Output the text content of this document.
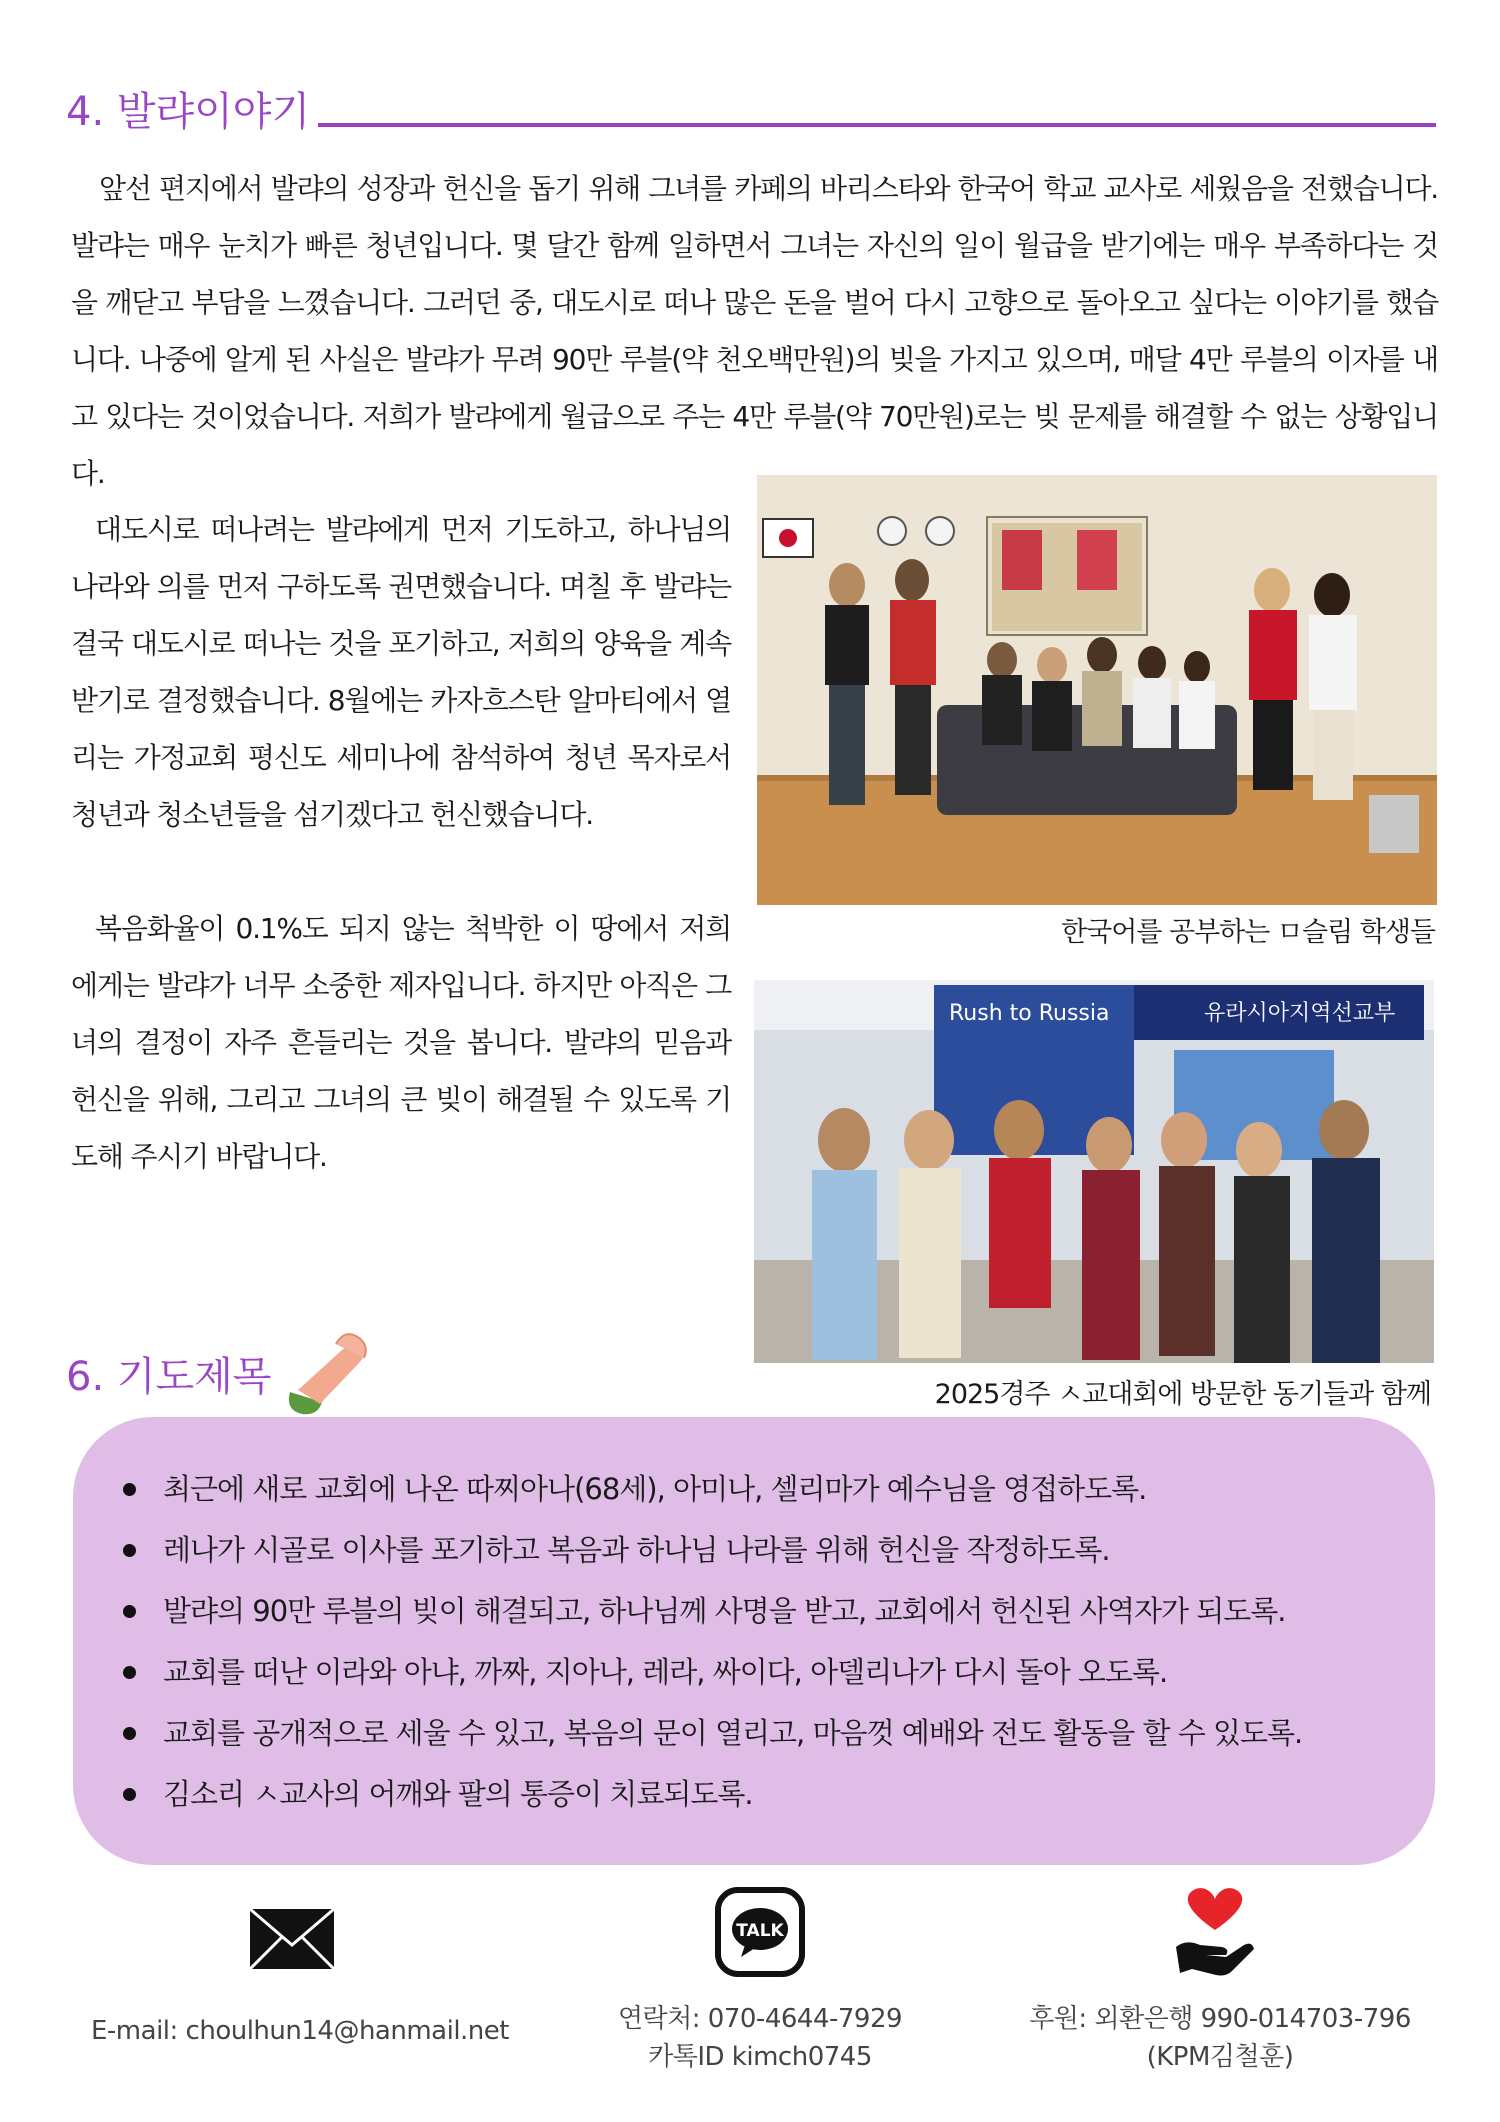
4. 발랴이야기

앞선 편지에서 발랴의 성장과 헌신을 돕기 위해 그녀를 카페의 바리스타와 한국어 학교 교사로 세웠음을 전했습니다. 발랴는 매우 눈치가 빠른 청년입니다. 몇 달간 함께 일하면서 그녀는 자신의 일이 월급을 받기에는 매우 부족하다는 것을 깨닫고 부담을 느꼈습니다. 그러던 중, 대도시로 떠나 많은 돈을 벌어 다시 고향으로 돌아오고 싶다는 이야기를 했습니다. 나중에 알게 된 사실은 발랴가 무려 90만 루블(약 천오백만원)의 빚을 가지고 있으며, 매달 4만 루블의 이자를 내고 있다는 것이었습니다. 저희가 발랴에게 월급으로 주는 4만 루블(약 70만원)로는 빚 문제를 해결할 수 없는 상황입니다.

대도시로 떠나려는 발랴에게 먼저 기도하고, 하나님의 나라와 의를 먼저 구하도록 권면했습니다. 며칠 후 발랴는 결국 대도시로 떠나는 것을 포기하고, 저희의 양육을 계속 받기로 결정했습니다. 8월에는 카자흐스탄 알마티에서 열리는 가정교회 평신도 세미나에 참석하여 청년 목자로서 청년과 청소년들을 섬기겠다고 헌신했습니다.

복음화율이 0.1%도 되지 않는 척박한 이 땅에서 저희에게는 발랴가 너무 소중한 제자입니다. 하지만 아직은 그녀의 결정이 자주 흔들리는 것을 봅니다. 발랴의 믿음과 헌신을 위해, 그리고 그녀의 큰 빚이 해결될 수 있도록 기도해 주시기 바랍니다.

한국어를 공부하는 ㅁ슬림 학생들
Rush to Russia	유라시아지역선교부
2025경주 ㅅ교대회에 방문한 동기들과 함께
6. 기도제목
최근에 새로 교회에 나온 따찌아나(68세), 아미나, 셀리마가 예수님을 영접하도록.
레나가 시골로 이사를 포기하고 복음과 하나님 나라를 위해 헌신을 작정하도록.
발랴의 90만 루블의 빚이 해결되고, 하나님께 사명을 받고, 교회에서 헌신된 사역자가 되도록.
교회를 떠난 이라와 아냐, 까짜, 지아나, 레라, 싸이다, 아델리나가 다시 돌아 오도록.
교회를 공개적으로 세울 수 있고, 복음의 문이 열리고, 마음껏 예배와 전도 활동을 할 수 있도록.
김소리 ㅅ교사의 어깨와 팔의 통증이 치료되도록.
E-mail: choulhun14@hanmail.net
TALK
연락처: 070-4644-7929
카톡ID kimch0745
후원: 외환은행 990-014703-796
(KPM김철훈)
